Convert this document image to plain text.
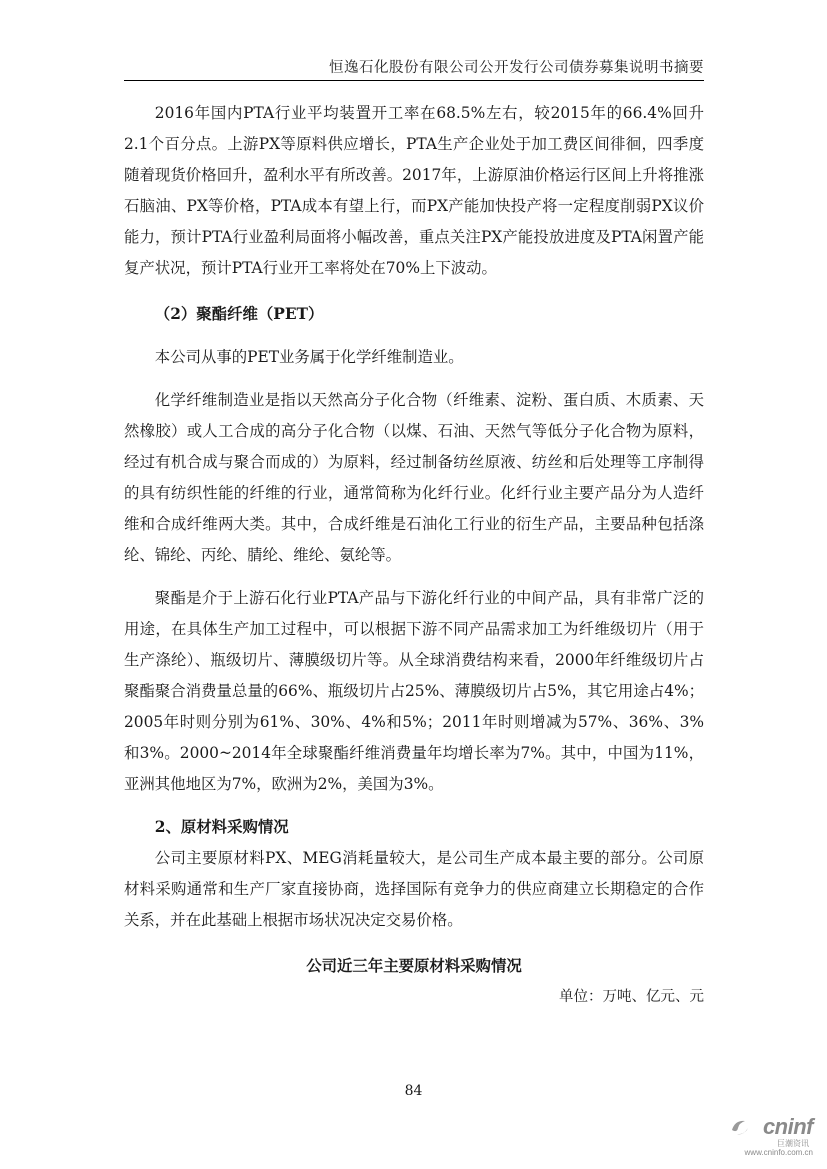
恒逸石化股份有限公司公开发行公司债券募集说明书摘要

2016年国内PTA行业平均装置开工率在68.5%左右，较2015年的66.4%回升2.1个百分点。上游PX等原料供应增长，PTA生产企业处于加工费区间徘徊，四季度随着现货价格回升，盈利水平有所改善。2017年，上游原油价格运行区间上升将推涨石脑油、PX等价格，PTA成本有望上行，而PX产能加快投产将一定程度削弱PX议价能力，预计PTA行业盈利局面将小幅改善，重点关注PX产能投放进度及PTA闲置产能复产状况，预计PTA行业开工率将处在70%上下波动。

（2）聚酯纤维（PET）

本公司从事的PET业务属于化学纤维制造业。

化学纤维制造业是指以天然高分子化合物（纤维素、淀粉、蛋白质、木质素、天然橡胶）或人工合成的高分子化合物（以煤、石油、天然气等低分子化合物为原料，经过有机合成与聚合而成的）为原料，经过制备纺丝原液、纺丝和后处理等工序制得的具有纺织性能的纤维的行业，通常简称为化纤行业。化纤行业主要产品分为人造纤维和合成纤维两大类。其中，合成纤维是石油化工行业的衍生产品，主要品种包括涤纶、锦纶、丙纶、腈纶、维纶、氨纶等。

聚酯是介于上游石化行业PTA产品与下游化纤行业的中间产品，具有非常广泛的用途，在具体生产加工过程中，可以根据下游不同产品需求加工为纤维级切片（用于生产涤纶）、瓶级切片、薄膜级切片等。从全球消费结构来看，2000年纤维级切片占聚酯聚合消费量总量的66%、瓶级切片占25%、薄膜级切片占5%，其它用途占4%；2005年时则分别为61%、30%、4%和5%；2011年时则增减为57%、36%、3%和3%。2000~2014年全球聚酯纤维消费量年均增长率为7%。其中，中国为11%，亚洲其他地区为7%，欧洲为2%，美国为3%。

2、原材料采购情况

公司主要原材料PX、MEG消耗量较大，是公司生产成本最主要的部分。公司原材料采购通常和生产厂家直接协商，选择国际有竞争力的供应商建立长期稳定的合作关系，并在此基础上根据市场状况决定交易价格。

公司近三年主要原材料采购情况

单位：万吨、亿元、元

84
cninf
巨潮资讯
www.cninfo.com.cn
